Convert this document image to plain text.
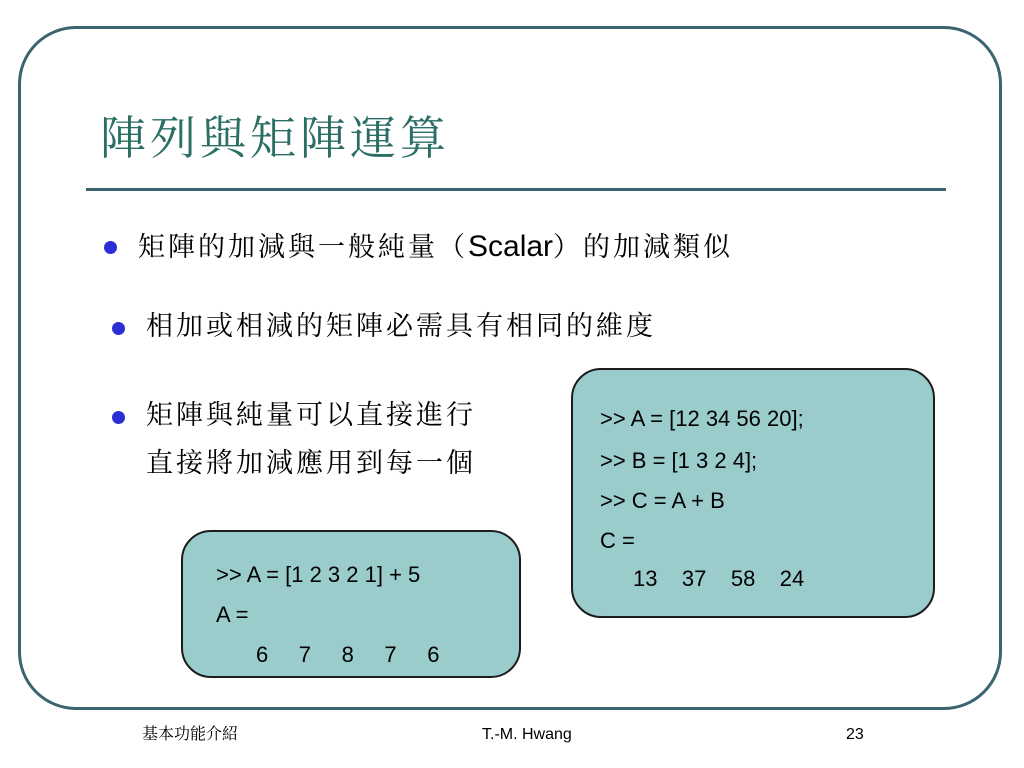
陣列與矩陣運算
矩陣的加減與一般純量（Scalar）的加減類似
相加或相減的矩陣必需具有相同的維度
矩陣與純量可以直接進行
直接將加減應用到每一個
>> A = [12 34 56 20];
>> B = [1 3 2 4];
>> C = A + B
C =
13    37    58    24
>> A = [1 2 3 2 1] + 5
A =
6     7     8     7     6
基本功能介紹	T.-M. Hwang	23
